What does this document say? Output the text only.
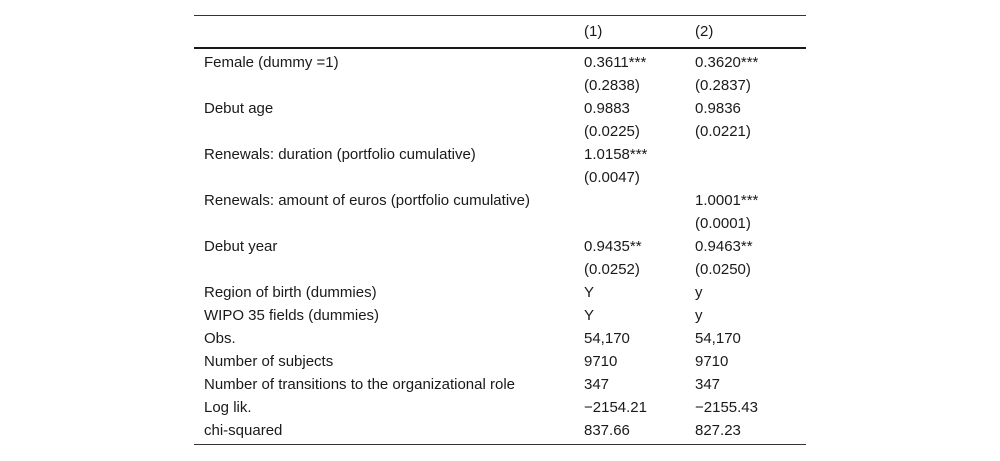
	(1)	(2)
Female (dummy =1)	0.3611***	0.3620***
	(0.2838)	(0.2837)
Debut age	0.9883	0.9836
	(0.0225)	(0.0221)
Renewals: duration (portfolio cumulative)	1.0158***	
	(0.0047)	
Renewals: amount of euros (portfolio cumulative)		1.0001***
		(0.0001)
Debut year	0.9435**	0.9463**
	(0.0252)	(0.0250)
Region of birth (dummies)	Y	y
WIPO 35 fields (dummies)	Y	y
Obs.	54,170	54,170
Number of subjects	9710	9710
Number of transitions to the organizational role	347	347
Log lik.	−2154.21	−2155.43
chi-squared	837.66	827.23
